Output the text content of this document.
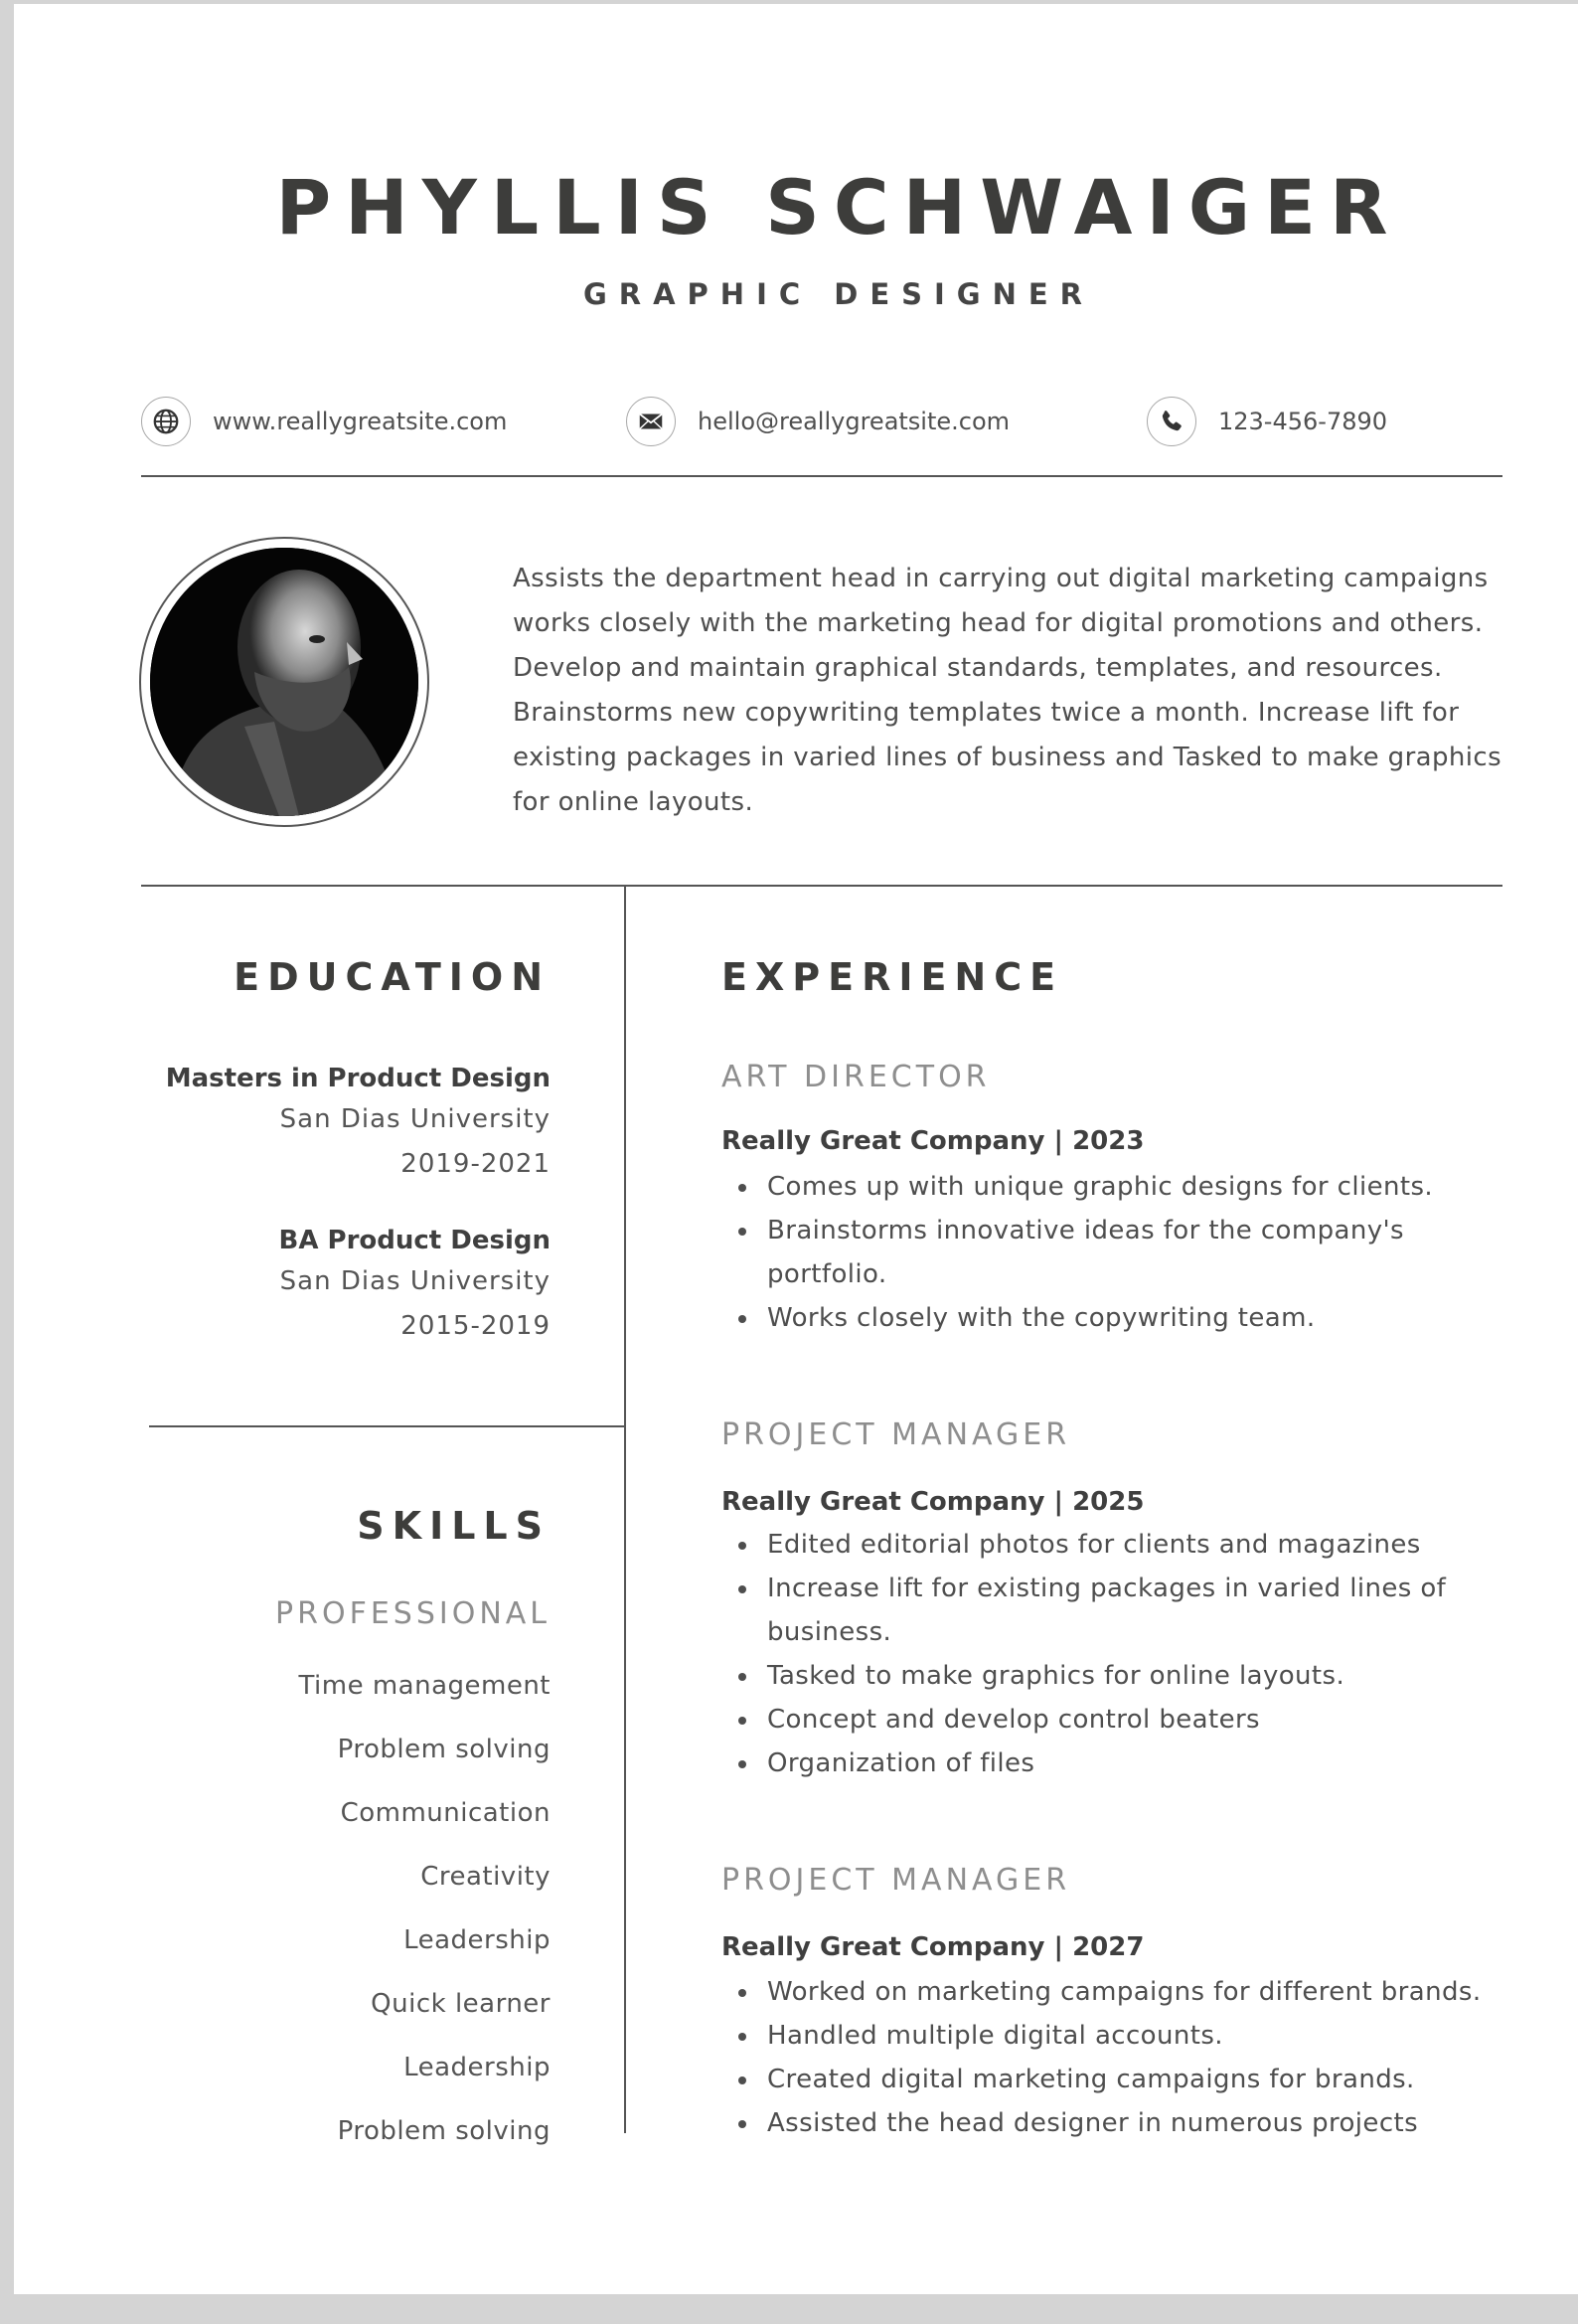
PHYLLIS SCHWAIGER
GRAPHIC DESIGNER
www.reallygreatsite.com	hello@reallygreatsite.com	123-456-7890
Assists the department head in carrying out digital marketing campaigns works closely with the marketing head for digital promotions and others. Develop and maintain graphical standards, templates, and resources. Brainstorms new copywriting templates twice a month. Increase lift for existing packages in varied lines of business and Tasked to make graphics for online layouts.
EDUCATION
Masters in Product Design
San Dias University
2019-2021
BA Product Design
San Dias University
2015-2019
SKILLS
PROFESSIONAL
Time management
Problem solving
Communication
Creativity
Leadership
Quick learner
Leadership
Problem solving
EXPERIENCE
ART DIRECTOR
Really Great Company | 2023
Comes up with unique graphic designs for clients.
Brainstorms innovative ideas for the company's portfolio.
Works closely with the copywriting team.
PROJECT MANAGER
Really Great Company | 2025
Edited editorial photos for clients and magazines
Increase lift for existing packages in varied lines of business.
Tasked to make graphics for online layouts.
Concept and develop control beaters
Organization of files
PROJECT MANAGER
Really Great Company | 2027
Worked on marketing campaigns for different brands.
Handled multiple digital accounts.
Created digital marketing campaigns for brands.
Assisted the head designer in numerous projects
